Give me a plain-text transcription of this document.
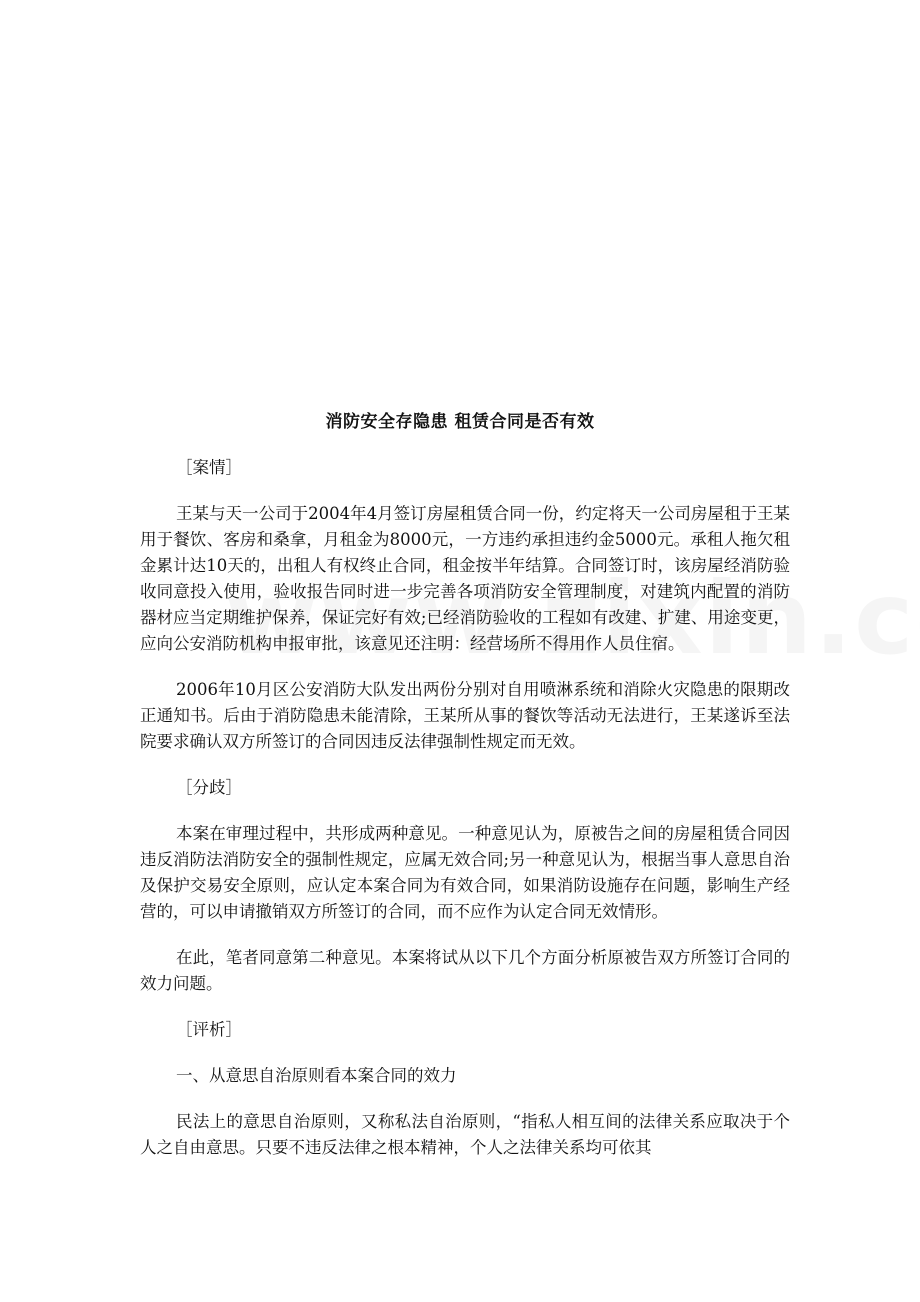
消防安全存隐患 租赁合同是否有效

［案情］

王某与天一公司于2004年4月签订房屋租赁合同一份，约定将天一公司房屋租于王某用于餐饮、客房和桑拿，月租金为8000元，一方违约承担违约金5000元。承租人拖欠租金累计达10天的，出租人有权终止合同，租金按半年结算。合同签订时，该房屋经消防验收同意投入使用，验收报告同时进一步完善各项消防安全管理制度，对建筑内配置的消防器材应当定期维护保养，保证完好有效;已经消防验收的工程如有改建、扩建、用途变更，应向公安消防机构申报审批，该意见还注明：经营场所不得用作人员住宿。

2006年10月区公安消防大队发出两份分别对自用喷淋系统和消除火灾隐患的限期改正通知书。后由于消防隐患未能清除，王某所从事的餐饮等活动无法进行，王某遂诉至法院要求确认双方所签订的合同因违反法律强制性规定而无效。

［分歧］

本案在审理过程中，共形成两种意见。一种意见认为，原被告之间的房屋租赁合同因违反消防法消防安全的强制性规定，应属无效合同;另一种意见认为，根据当事人意思自治及保护交易安全原则，应认定本案合同为有效合同，如果消防设施存在问题，影响生产经营的，可以申请撤销双方所签订的合同，而不应作为认定合同无效情形。

在此，笔者同意第二种意见。本案将试从以下几个方面分析原被告双方所签订合同的效力问题。

［评析］

一、从意思自治原则看本案合同的效力

民法上的意思自治原则，又称私法自治原则，“指私人相互间的法律关系应取决于个人之自由意思。只要不违反法律之根本精神，个人之法律关系均可依其
